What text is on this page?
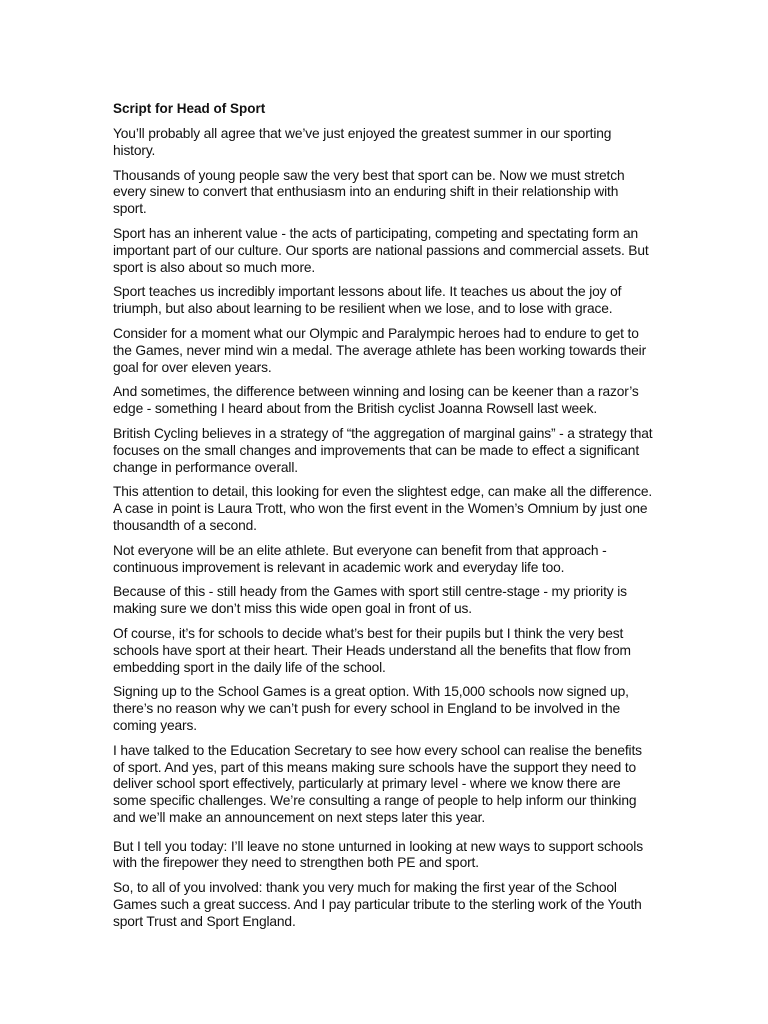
Script for Head of Sport

You’ll probably all agree that we’ve just enjoyed the greatest summer in our sporting history.

Thousands of young people saw the very best that sport can be. Now we must stretch every sinew to convert that enthusiasm into an enduring shift in their relationship with sport.

Sport has an inherent value - the acts of participating, competing and spectating form an important part of our culture. Our sports are national passions and commercial assets. But sport is also about so much more.

Sport teaches us incredibly important lessons about life. It teaches us about the joy of triumph, but also about learning to be resilient when we lose, and to lose with grace.

Consider for a moment what our Olympic and Paralympic heroes had to endure to get to the Games, never mind win a medal. The average athlete has been working towards their goal for over eleven years.

And sometimes, the difference between winning and losing can be keener than a razor’s edge - something I heard about from the British cyclist Joanna Rowsell last week.

British Cycling believes in a strategy of “the aggregation of marginal gains” - a strategy that focuses on the small changes and improvements that can be made to effect a significant change in performance overall.

This attention to detail, this looking for even the slightest edge, can make all the difference. A case in point is Laura Trott, who won the first event in the Women’s Omnium by just one thousandth of a second.

Not everyone will be an elite athlete. But everyone can benefit from that approach - continuous improvement is relevant in academic work and everyday life too.

Because of this - still heady from the Games with sport still centre-stage - my priority is making sure we don’t miss this wide open goal in front of us.

Of course, it’s for schools to decide what’s best for their pupils but I think the very best schools have sport at their heart. Their Heads understand all the benefits that flow from embedding sport in the daily life of the school.

Signing up to the School Games is a great option. With 15,000 schools now signed up, there’s no reason why we can’t push for every school in England to be involved in the coming years.

I have talked to the Education Secretary to see how every school can realise the benefits of sport. And yes, part of this means making sure schools have the support they need to deliver school sport effectively, particularly at primary level - where we know there are some specific challenges. We’re consulting a range of people to help inform our thinking and we’ll make an announcement on next steps later this year.

But I tell you today: I’ll leave no stone unturned in looking at new ways to support schools with the firepower they need to strengthen both PE and sport.

So, to all of you involved: thank you very much for making the first year of the School Games such a great success. And I pay particular tribute to the sterling work of the Youth sport Trust and Sport England.
